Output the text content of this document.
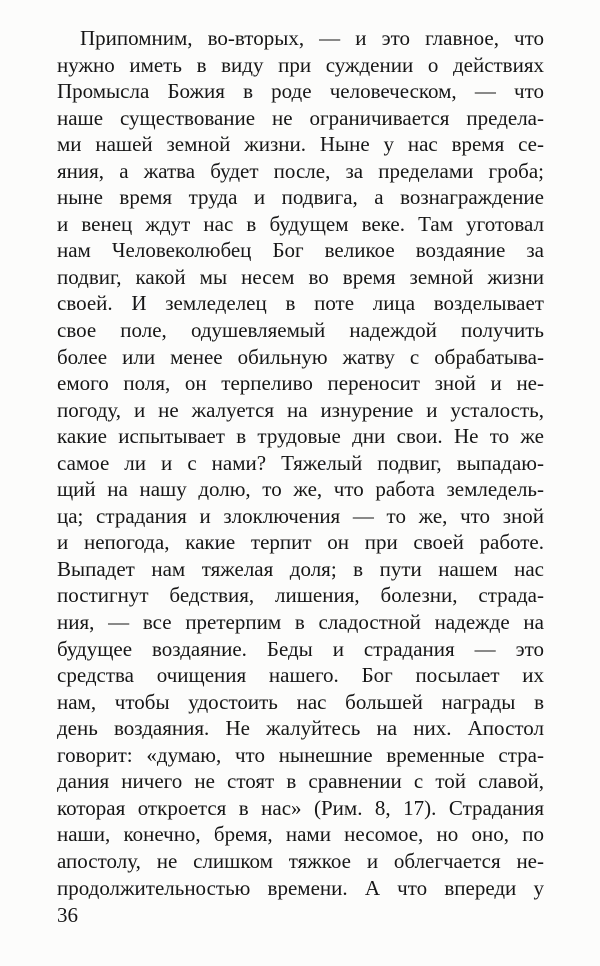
Припомним, во-вторых, — и это главное, что
нужно иметь в виду при суждении о действиях
Промысла Божия в роде человеческом, — что
наше существование не ограничивается предела-
ми нашей земной жизни. Ныне у нас время се-
яния, а жатва будет после, за пределами гроба;
ныне время труда и подвига, а вознаграждение
и венец ждут нас в будущем веке. Там уготовал
нам Человеколюбец Бог великое воздаяние за
подвиг, какой мы несем во время земной жизни
своей. И земледелец в поте лица возделывает
свое поле, одушевляемый надеждой получить
более или менее обильную жатву с обрабатыва-
емого поля, он терпеливо переносит зной и не-
погоду, и не жалуется на изнурение и усталость,
какие испытывает в трудовые дни свои. Не то же
самое ли и с нами? Тяжелый подвиг, выпадаю-
щий на нашу долю, то же, что работа земледель-
ца; страдания и злоключения — то же, что зной
и непогода, какие терпит он при своей работе.
Выпадет нам тяжелая доля; в пути нашем нас
постигнут бедствия, лишения, болезни, страда-
ния, — все претерпим в сладостной надежде на
будущее воздаяние. Беды и страдания — это
средства очищения нашего. Бог посылает их
нам, чтобы удостоить нас большей награды в
день воздаяния. Не жалуйтесь на них. Апостол
говорит: «думаю, что нынешние временные стра-
дания ничего не стоят в сравнении с той славой,
которая откроется в нас» (Рим. 8, 17). Страдания
наши, конечно, бремя, нами несомое, но оно, по
апостолу, не слишком тяжкое и облегчается не-
продолжительностью времени. А что впереди у
36
